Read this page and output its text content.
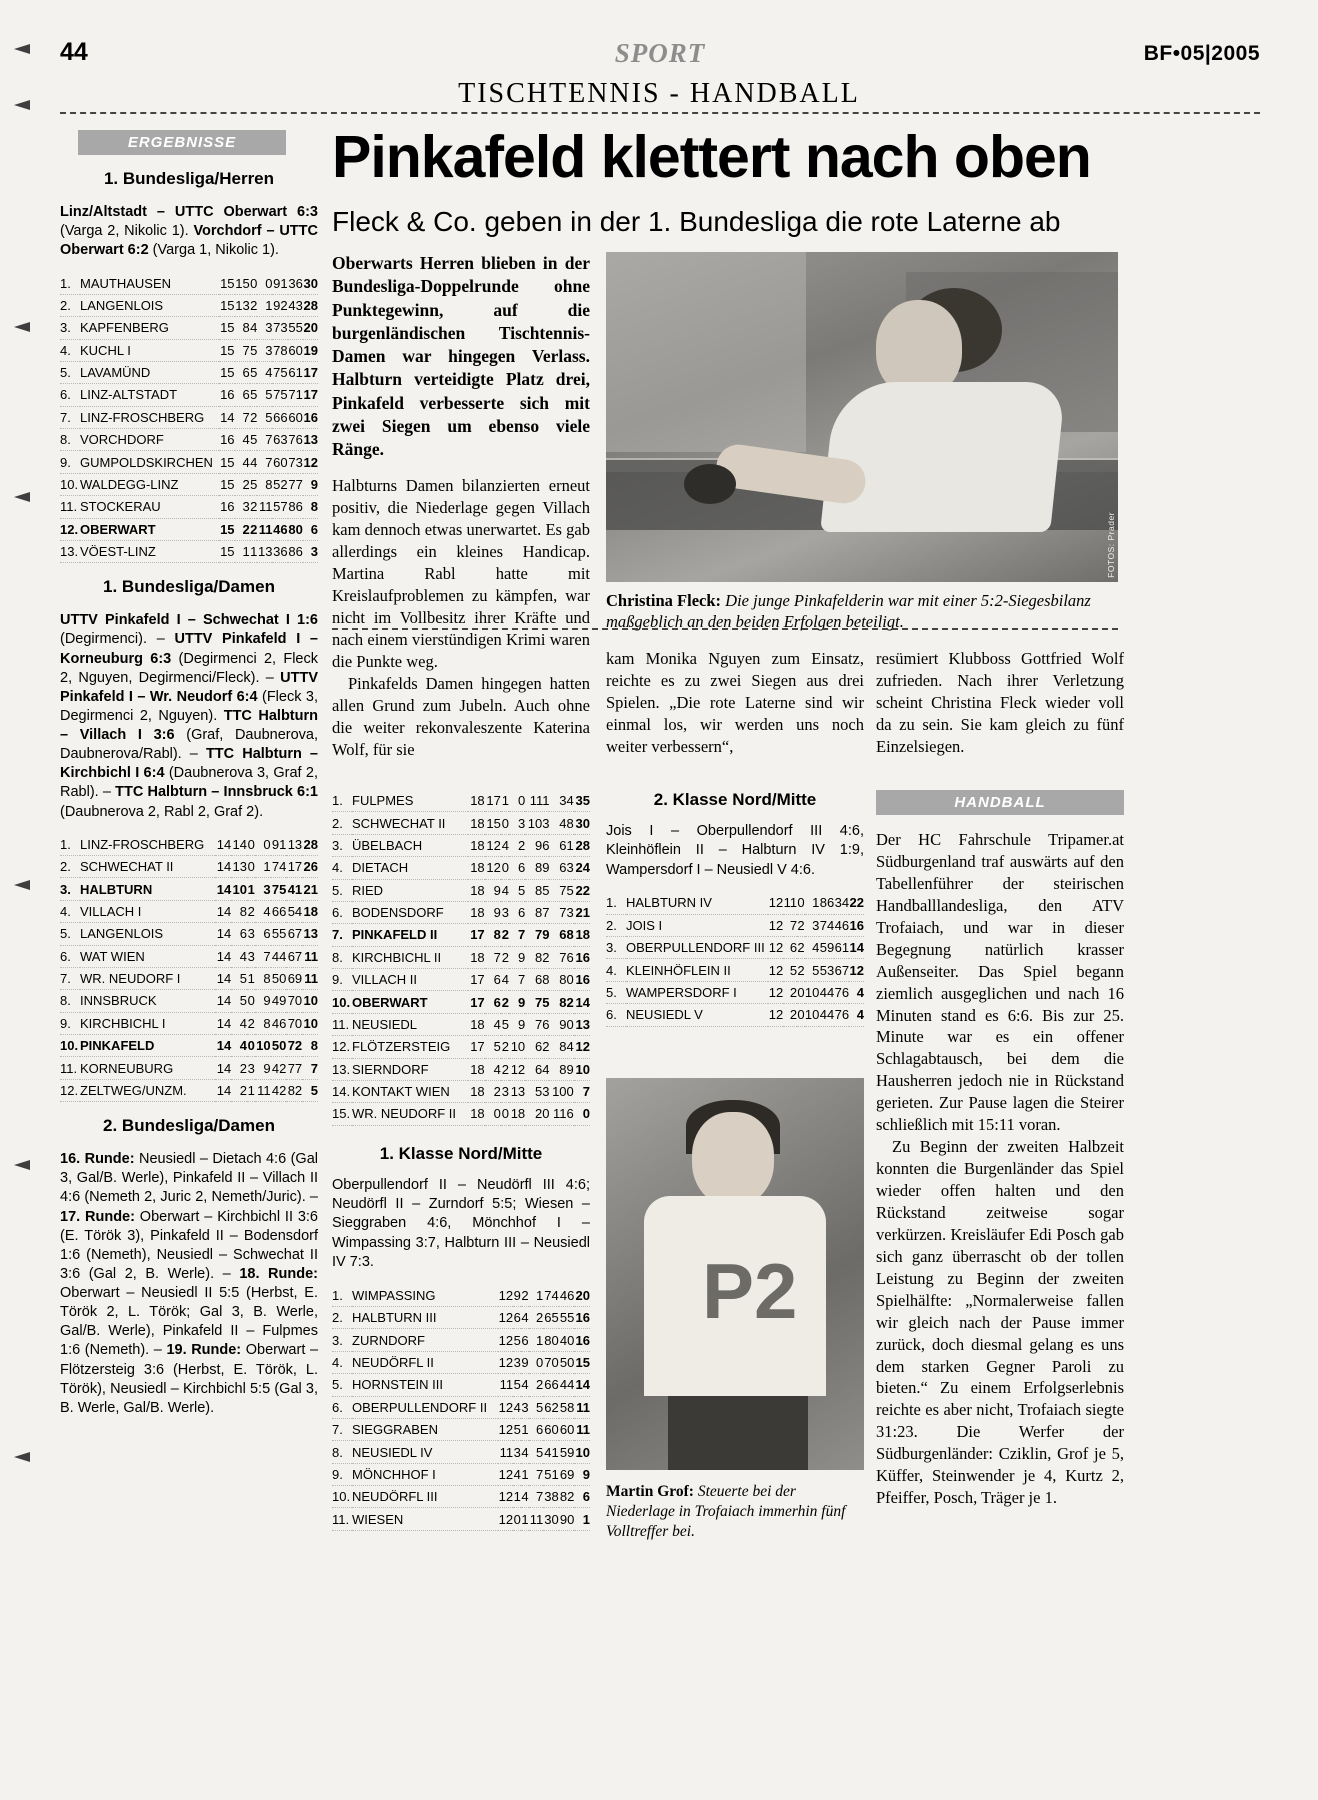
44	SPORT	BF•05|2005
TISCHTENNIS - HANDBALL
ERGEBNISSE
1. Bundesliga/Herren
Linz/Altstadt – UTTC Oberwart 6:3 (Varga 2, Nikolic 1). Vorchdorf – UTTC Oberwart 6:2 (Varga 1, Nikolic 1).
1.	MAUTHAUSEN	15	15	0	0	91	36	30
2.	LANGENLOIS	15	13	2	1	92	43	28
3.	KAPFENBERG	15	8	4	3	73	55	20
4.	KUCHL I	15	7	5	3	78	60	19
5.	LAVAMÜND	15	6	5	4	75	61	17
6.	LINZ-ALTSTADT	16	6	5	5	75	71	17
7.	LINZ-FROSCHBERG	14	7	2	5	66	60	16
8.	VORCHDORF	16	4	5	7	63	76	13
9.	GUMPOLDSKIRCHEN	15	4	4	7	60	73	12
10.	WALDEGG-LINZ	15	2	5	8	52	77	9
11.	STOCKERAU	16	3	2	11	57	86	8
12.	OBERWART	15	2	2	11	46	80	6
13.	VÖEST-LINZ	15	1	1	13	36	86	3
1. Bundesliga/Damen
UTTV Pinkafeld I – Schwechat I 1:6 (Degirmenci). – UTTV Pinkafeld I – Korneuburg 6:3 (Degirmenci 2, Fleck 2, Nguyen, Degirmenci/Fleck). – UTTV Pinkafeld I – Wr. Neudorf 6:4 (Fleck 3, Degirmenci 2, Nguyen). TTC Halbturn – Villach I 3:6 (Graf, Daubnerova, Daubnerova/Rabl). – TTC Halbturn – Kirchbichl I 6:4 (Daubnerova 3, Graf 2, Rabl). – TTC Halbturn – Innsbruck 6:1 (Daubnerova 2, Rabl 2, Graf 2).
1.	LINZ-FROSCHBERG	14	14	0	0	91	13	28
2.	SCHWECHAT II	14	13	0	1	74	17	26
3.	HALBTURN	14	10	1	3	75	41	21
4.	VILLACH I	14	8	2	4	66	54	18
5.	LANGENLOIS	14	6	3	6	55	67	13
6.	WAT WIEN	14	4	3	7	44	67	11
7.	WR. NEUDORF I	14	5	1	8	50	69	11
8.	INNSBRUCK	14	5	0	9	49	70	10
9.	KIRCHBICHL I	14	4	2	8	46	70	10
10.	PINKAFELD	14	4	0	10	50	72	8
11.	KORNEUBURG	14	2	3	9	42	77	7
12.	ZELTWEG/UNZM.	14	2	1	11	42	82	5
2. Bundesliga/Damen
16. Runde: Neusiedl – Dietach 4:6 (Gal 3, Gal/B. Werle), Pinkafeld II – Villach II 4:6 (Nemeth 2, Juric 2, Nemeth/Juric). – 17. Runde: Oberwart – Kirchbichl II 3:6 (E. Török 3), Pinkafeld II – Bodensdorf 1:6 (Nemeth), Neusiedl – Schwechat II 3:6 (Gal 2, B. Werle). – 18. Runde: Oberwart – Neusiedl II 5:5 (Herbst, E. Török 2, L. Török; Gal 3, B. Werle, Gal/B. Werle), Pinkafeld II – Fulpmes 1:6 (Nemeth). – 19. Runde: Oberwart – Flötzersteig 3:6 (Herbst, E. Török, L. Török), Neusiedl – Kirchbichl 5:5 (Gal 3, B. Werle, Gal/B. Werle).
Pinkafeld klettert nach oben
Fleck & Co. geben in der 1. Bundesliga die rote Laterne ab
Oberwarts Herren blieben in der Bundesliga-Doppelrunde ohne Punktegewinn, auf die burgenländischen Tischtennis-Damen war hingegen Verlass. Halbturn verteidigte Platz drei, Pinkafeld verbesserte sich mit zwei Siegen um ebenso viele Ränge.

Halbturns Damen bilanzierten erneut positiv, die Niederlage gegen Villach kam dennoch etwas unerwartet. Es gab allerdings ein kleines Handicap. Martina Rabl hatte mit Kreislaufproblemen zu kämpfen, war nicht im Vollbesitz ihrer Kräfte und nach einem vierstündigen Krimi waren die Punkte weg.

Pinkafelds Damen hingegen hatten allen Grund zum Jubeln. Auch ohne die weiter rekonvaleszente Katerina Wolf, für sie

FOTOS: Prader
Christina Fleck: Die junge Pinkafelderin war mit einer 5:2-Siegesbilanz maßgeblich an den beiden Erfolgen beteiligt.

kam Monika Nguyen zum Einsatz, reichte es zu zwei Siegen aus drei Spielen. „Die rote Laterne sind wir einmal los, wir werden uns noch weiter verbessern“,

resümiert Klubboss Gottfried Wolf zufrieden. Nach ihrer Verletzung scheint Christina Fleck wieder voll da zu sein. Sie kam gleich zu fünf Einzelsiegen.

1.	FULPMES	18	17	1	0	111	34	35
2.	SCHWECHAT II	18	15	0	3	103	48	30
3.	ÜBELBACH	18	12	4	2	96	61	28
4.	DIETACH	18	12	0	6	89	63	24
5.	RIED	18	9	4	5	85	75	22
6.	BODENSDORF	18	9	3	6	87	73	21
7.	PINKAFELD II	17	8	2	7	79	68	18
8.	KIRCHBICHL II	18	7	2	9	82	76	16
9.	VILLACH II	17	6	4	7	68	80	16
10.	OBERWART	17	6	2	9	75	82	14
11.	NEUSIEDL	18	4	5	9	76	90	13
12.	FLÖTZERSTEIG	17	5	2	10	62	84	12
13.	SIERNDORF	18	4	2	12	64	89	10
14.	KONTAKT WIEN	18	2	3	13	53	100	7
15.	WR. NEUDORF II	18	0	0	18	20	116	0
1. Klasse Nord/Mitte
Oberpullendorf II – Neudörfl III 4:6; Neudörfl II – Zurndorf 5:5; Wiesen – Sieggraben 4:6, Mönchhof I – Wimpassing 3:7, Halbturn III – Neusiedl IV 7:3.
1.	WIMPASSING	12	9	2	1	74	46	20
2.	HALBTURN III	12	6	4	2	65	55	16
3.	ZURNDORF	12	5	6	1	80	40	16
4.	NEUDÖRFL II	12	3	9	0	70	50	15
5.	HORNSTEIN III	11	5	4	2	66	44	14
6.	OBERPULLENDORF II	12	4	3	5	62	58	11
7.	SIEGGRABEN	12	5	1	6	60	60	11
8.	NEUSIEDL IV	11	3	4	5	41	59	10
9.	MÖNCHHOF I	12	4	1	7	51	69	9
10.	NEUDÖRFL III	12	1	4	7	38	82	6
11.	WIESEN	12	0	1	11	30	90	1
2. Klasse Nord/Mitte
Jois I – Oberpullendorf III 4:6, Kleinhöflein II – Halbturn IV 1:9, Wampersdorf I – Neusiedl V 4:6.
1.	HALBTURN IV	12	11	0	1	86	34	22
2.	JOIS I	12	7	2	3	74	46	16
3.	OBERPULLENDORF III	12	6	2	4	59	61	14
4.	KLEINHÖFLEIN II	12	5	2	5	53	67	12
5.	WAMPERSDORF I	12	2	0	10	44	76	4
6.	NEUSIEDL V	12	2	0	10	44	76	4
P2
Martin Grof: Steuerte bei der Niederlage in Trofaiach immerhin fünf Volltreffer bei.
HANDBALL

Der HC Fahrschule Tripamer.at Südburgenland traf auswärts auf den Tabellenführer der steirischen Handballlandesliga, den ATV Trofaiach, und war in dieser Begegnung natürlich krasser Außenseiter. Das Spiel begann ziemlich ausgeglichen und nach 16 Minuten stand es 6:6. Bis zur 25. Minute war es ein offener Schlagabtausch, bei dem die Hausherren jedoch nie in Rückstand gerieten. Zur Pause lagen die Steirer schließlich mit 15:11 voran.

Zu Beginn der zweiten Halbzeit konnten die Burgenländer das Spiel wieder offen halten und den Rückstand zeitweise sogar verkürzen. Kreisläufer Edi Posch gab sich ganz überrascht ob der tollen Leistung zu Beginn der zweiten Spielhälfte: „Normalerweise fallen wir gleich nach der Pause immer zurück, doch diesmal gelang es uns dem starken Gegner Paroli zu bieten.“ Zu einem Erfolgserlebnis reichte es aber nicht, Trofaiach siegte 31:23. Die Werfer der Südburgenländer: Cziklin, Grof je 5, Küffer, Steinwender je 4, Kurtz 2, Pfeiffer, Posch, Träger je 1.
